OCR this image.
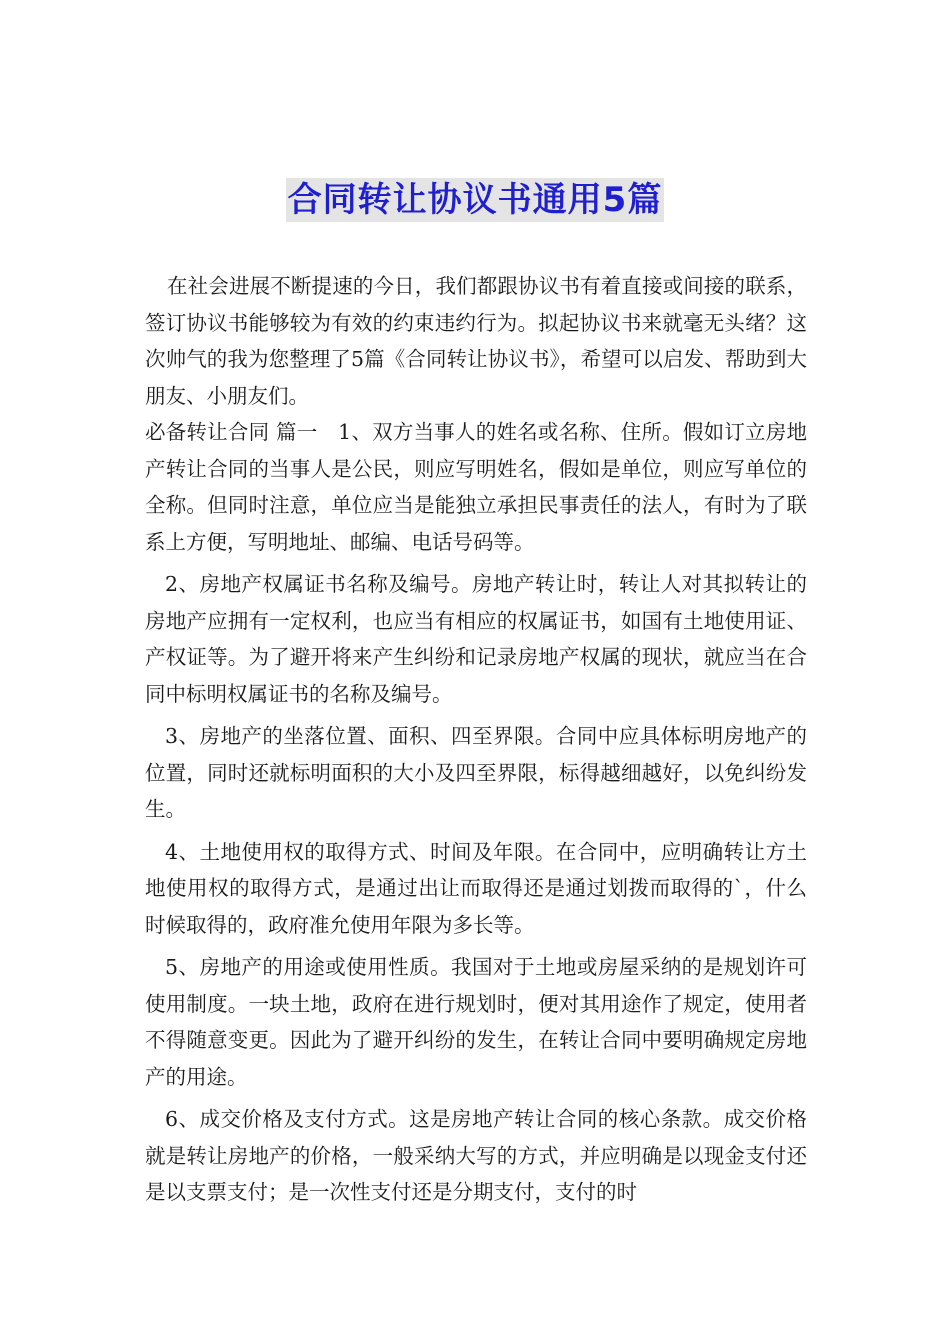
合同转让协议书通用5篇

在社会进展不断提速的今日，我们都跟协议书有着直接或间接的联系，签订协议书能够较为有效的约束违约行为。拟起协议书来就毫无头绪？这次帅气的我为您整理了5篇《合同转让协议书》，希望可以启发、帮助到大朋友、小朋友们。

必备转让合同 篇一　1、双方当事人的姓名或名称、住所。假如订立房地产转让合同的当事人是公民，则应写明姓名，假如是单位，则应写单位的全称。但同时注意，单位应当是能独立承担民事责任的法人，有时为了联系上方便，写明地址、邮编、电话号码等。

2、房地产权属证书名称及编号。房地产转让时，转让人对其拟转让的房地产应拥有一定权利，也应当有相应的权属证书，如国有土地使用证、产权证等。为了避开将来产生纠纷和记录房地产权属的现状，就应当在合同中标明权属证书的名称及编号。

3、房地产的坐落位置、面积、四至界限。合同中应具体标明房地产的位置，同时还就标明面积的大小及四至界限，标得越细越好，以免纠纷发生。

4、土地使用权的取得方式、时间及年限。在合同中，应明确转让方土地使用权的取得方式，是通过出让而取得还是通过划拨而取得的`，什么时候取得的，政府准允使用年限为多长等。

5、房地产的用途或使用性质。我国对于土地或房屋采纳的是规划许可使用制度。一块土地，政府在进行规划时，便对其用途作了规定，使用者不得随意变更。因此为了避开纠纷的发生，在转让合同中要明确规定房地产的用途。

6、成交价格及支付方式。这是房地产转让合同的核心条款。成交价格就是转让房地产的价格，一般采纳大写的方式，并应明确是以现金支付还是以支票支付；是一次性支付还是分期支付，支付的时
